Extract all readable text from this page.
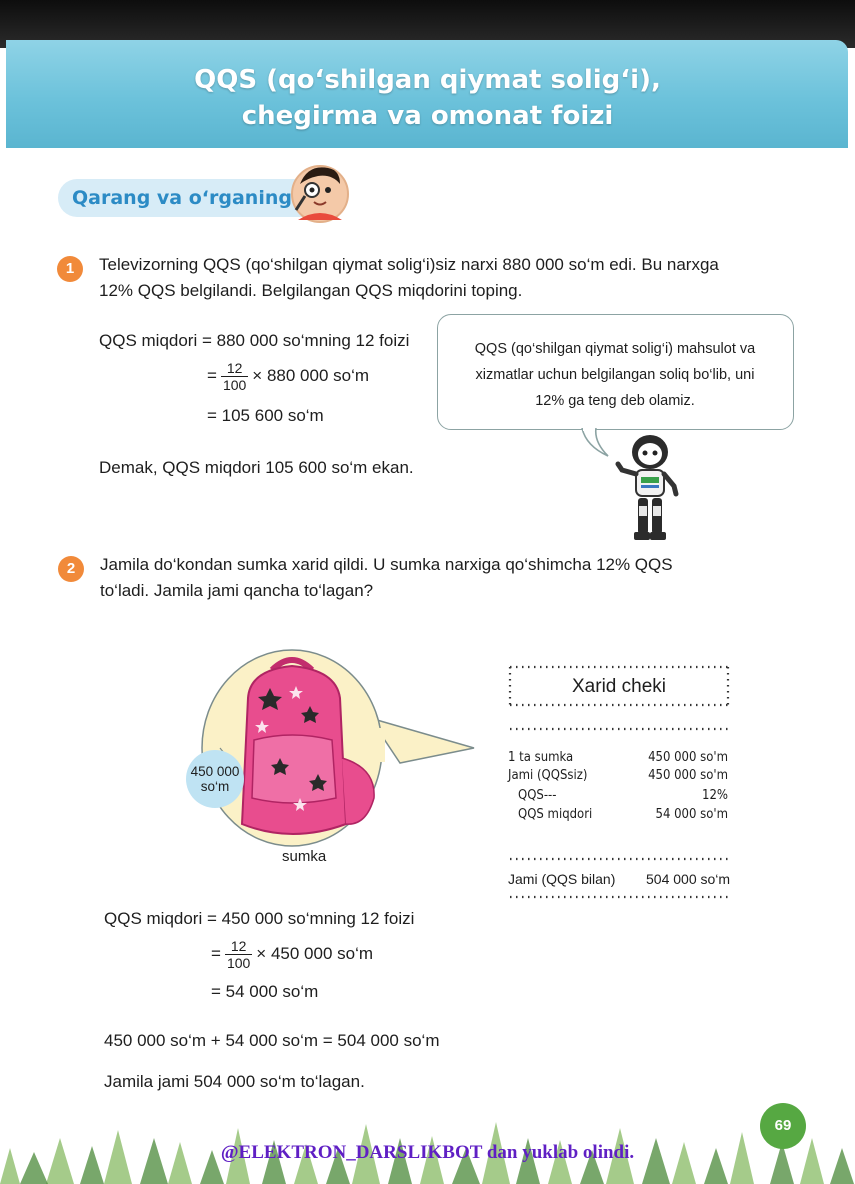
QQS (qo‘shilgan qiymat solig‘i),
chegirma va omonat foizi
Qarang va o‘rganing
1	Televizorning QQS (qo‘shilgan qiymat solig‘i)siz narxi 880 000 so‘m edi. Bu narxga
12% QQS belgilandi. Belgilangan QQS miqdorini toping.
QQS miqdori = 880 000 so‘mning 12 foizi
= $\frac{12}{100} \times 880$ 000 so‘m
= 105 600 so‘m
Demak, QQS miqdori 105 600 so‘m ekan.
QQS (qo‘shilgan qiymat solig‘i) mahsulot va
xizmatlar uchun belgilangan soliq bo‘lib, uni
12% ga teng deb olamiz.
2	Jamila do‘kondan sumka xarid qildi. U sumka narxiga qo‘shimcha 12% QQS
to‘ladi. Jamila jami qancha to‘lagan?
450 000
so‘m
sumka
Xarid cheki
1 ta sumka	450 000 so'm
Jami (QQSsiz)	450 000 so'm
QQS---	12%
QQS miqdori	54 000 so'm
Jami (QQS bilan) 504 000 so‘m
QQS miqdori = 450 000 so‘mning 12 foizi
= $\frac{12}{100} \times 450$ 000 so‘m
= 54 000 so‘m
450 000 so‘m + 54 000 so‘m = 504 000 so‘m
Jamila jami 504 000 so‘m to‘lagan.
69
@ELEKTRON_DARSLIKBOT dan yuklab olindi.
